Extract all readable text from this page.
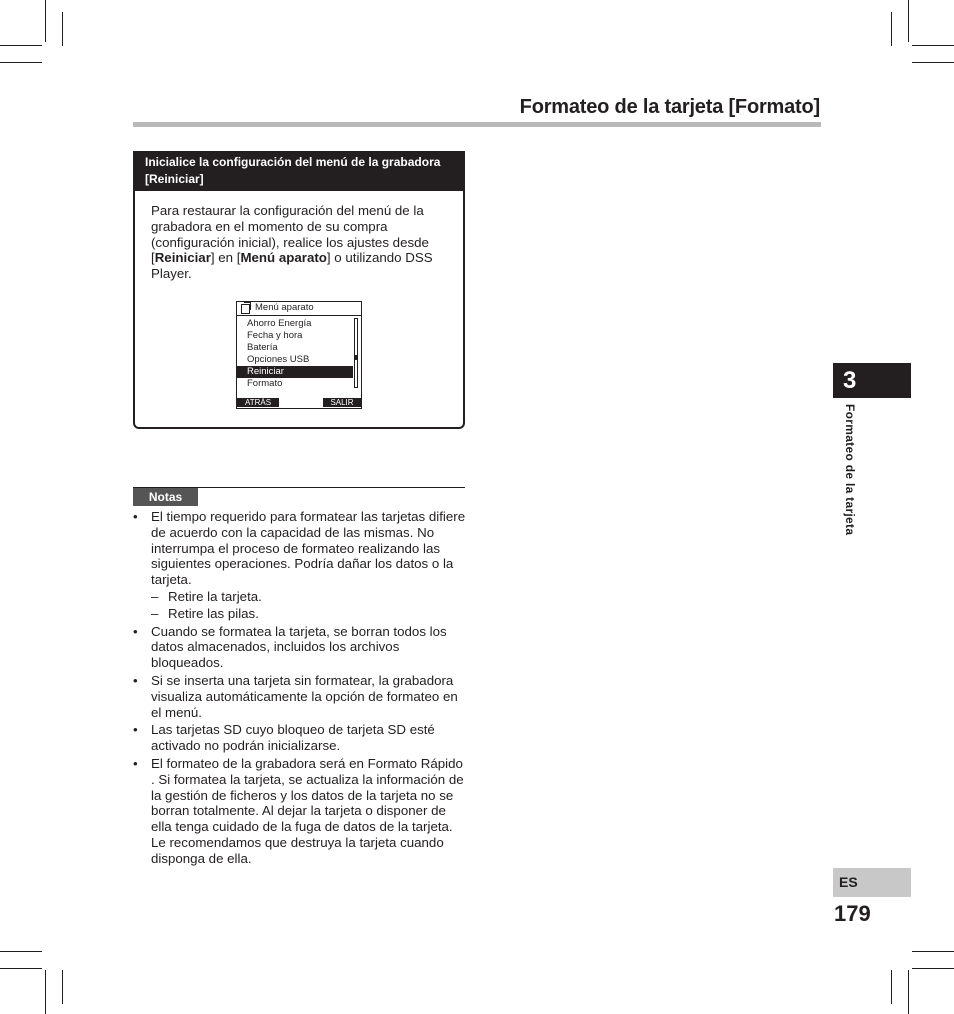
Formateo de la tarjeta [Formato]
Inicialice la configuración del menú de la grabadora
[Reiniciar]
Para restaurar la configuración del menú de la grabadora en el momento de su compra (configuración inicial), realice los ajustes desde [Reiniciar] en [Menú aparato] o utilizando DSS Player.
Menú aparato
Ahorro Energía
Fecha y hora
Batería
Opciones USB
Reiniciar
Formato
ATRÁS	SALIR
Notas
• El tiempo requerido para formatear las tarjetas difiere de acuerdo con la capacidad de las mismas. No interrumpa el proceso de formateo realizando las siguientes operaciones. Podría dañar los datos o la tarjeta.
– Retire la tarjeta.
– Retire las pilas.
• Cuando se formatea la tarjeta, se borran todos los datos almacenados, incluidos los archivos bloqueados.
• Si se inserta una tarjeta sin formatear, la grabadora visualiza automáticamente la opción de formateo en el menú.
• Las tarjetas SD cuyo bloqueo de tarjeta SD esté activado no podrán inicializarse.
• El formateo de la grabadora será en Formato Rápido . Si formatea la tarjeta, se actualiza la información de la gestión de ficheros y los datos de la tarjeta no se borran totalmente. Al dejar la tarjeta o disponer de ella tenga cuidado de la fuga de datos de la tarjeta. Le recomendamos que destruya la tarjeta cuando disponga de ella.
3
Formateo de la tarjeta
ES
179
